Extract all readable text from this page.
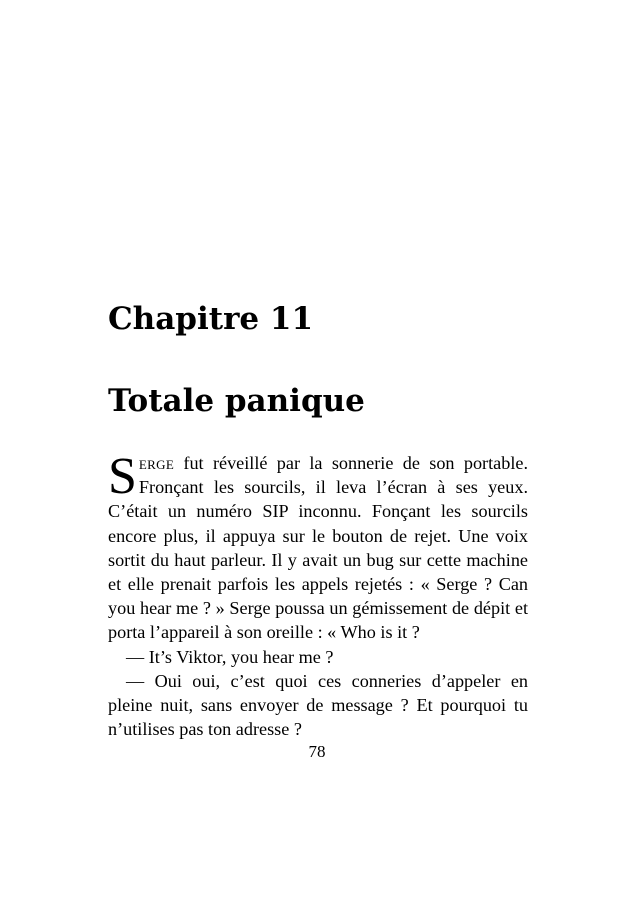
Chapitre 11
Totale panique

Serge fut réveillé par la sonnerie de son portable. Fronçant les sourcils, il leva l’écran à ses yeux. C’était un numéro SIP inconnu. Fonçant les sourcils encore plus, il appuya sur le bouton de rejet. Une voix sortit du haut parleur. Il y avait un bug sur cette machine et elle prenait parfois les appels rejetés : « Serge ? Can you hear me ? » Serge poussa un gémissement de dépit et porta l’appareil à son oreille : « Who is it ?

— It’s Viktor, you hear me ?

— Oui oui, c’est quoi ces conneries d’appeler en pleine nuit, sans envoyer de message ? Et pourquoi tu n’utilises pas ton adresse ?

78
